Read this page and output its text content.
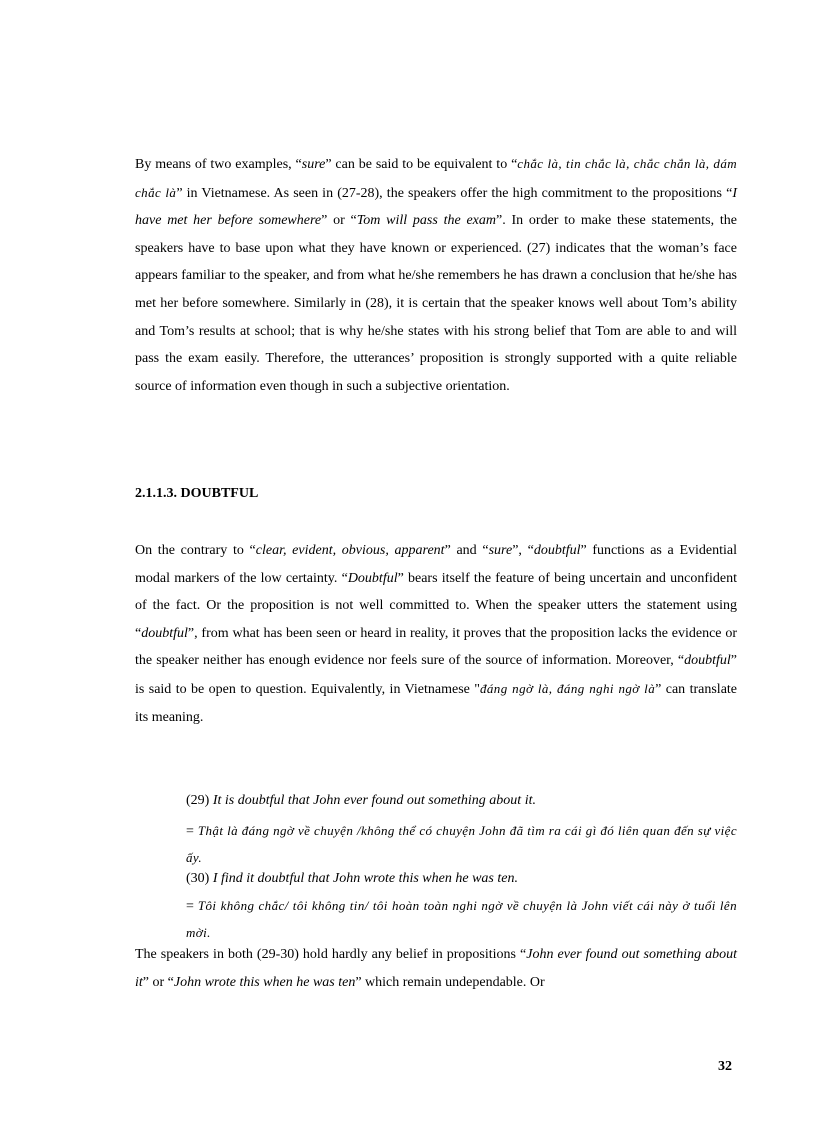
By means of two examples, “sure” can be said to be equivalent to “chắc là, tin chắc là, chắc chắn là, dám chắc là” in Vietnamese. As seen in (27-28), the speakers offer the high commitment to the propositions “I have met her before somewhere” or “Tom will pass the exam”. In order to make these statements, the speakers have to base upon what they have known or experienced. (27) indicates that the woman’s face appears familiar to the speaker, and from what he/she remembers he has drawn a conclusion that he/she has met her before somewhere. Similarly in (28), it is certain that the speaker knows well about Tom’s ability and Tom’s results at school; that is why he/she states with his strong belief that Tom are able to and will pass the exam easily. Therefore, the utterances’ proposition is strongly supported with a quite reliable source of information even though in such a subjective orientation.
2.1.1.3. DOUBTFUL
On the contrary to “clear, evident, obvious, apparent” and “sure”, “doubtful” functions as a Evidential modal markers of the low certainty. “Doubtful” bears itself the feature of being uncertain and unconfident of the fact. Or the proposition is not well committed to. When the speaker utters the statement using “doubtful”, from what has been seen or heard in reality, it proves that the proposition lacks the evidence or the speaker neither has enough evidence nor feels sure of the source of information. Moreover, “doubtful” is said to be open to question. Equivalently, in Vietnamese "đáng ngờ là, đáng nghi ngờ là” can translate its meaning.
(29) It is doubtful that John ever found out something about it.
= Thật là đáng ngờ về chuyện /không thể có chuyện John đã tìm ra cái gì đó liên quan đến sự việc ấy.
(30) I find it doubtful that John wrote this when he was ten.
= Tôi không chắc/ tôi không tin/ tôi hoàn toàn nghi ngờ về chuyện là John viết cái này ở tuổi lên mời.
The speakers in both (29-30) hold hardly any belief in propositions “John ever found out something about it” or “John wrote this when he was ten” which remain undependable. Or
32
